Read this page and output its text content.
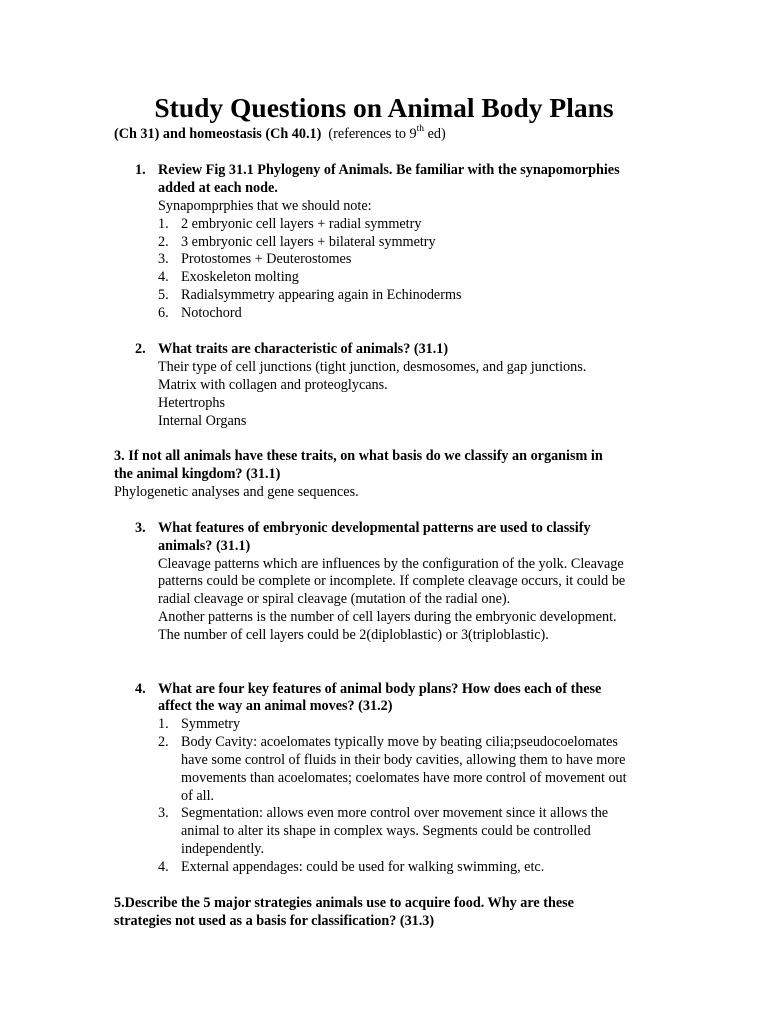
Study Questions on Animal Body Plans
(Ch 31) and homeostasis (Ch 40.1) (references to 9th ed)
1. Review Fig 31.1 Phylogeny of Animals. Be familiar with the synapomorphies
added at each node.
Synapomprphies that we should note:
1. 2 embryonic cell layers + radial symmetry
2. 3 embryonic cell layers + bilateral symmetry
3. Protostomes + Deuterostomes
4. Exoskeleton molting
5. Radialsymmetry appearing again in Echinoderms
6. Notochord
2. What traits are characteristic of animals? (31.1)
Their type of cell junctions (tight junction, desmosomes, and gap junctions.
Matrix with collagen and proteoglycans.
Hetertrophs
Internal Organs
3. If not all animals have these traits, on what basis do we classify an organism in
the animal kingdom? (31.1)
Phylogenetic analyses and gene sequences.
3. What features of embryonic developmental patterns are used to classify
animals? (31.1)
Cleavage patterns which are influences by the configuration of the yolk. Cleavage
patterns could be complete or incomplete. If complete cleavage occurs, it could be
radial cleavage or spiral cleavage (mutation of the radial one).
Another patterns is the number of cell layers during the embryonic development.
The number of cell layers could be 2(diploblastic) or 3(triploblastic).
4. What are four key features of animal body plans? How does each of these
affect the way an animal moves? (31.2)
1. Symmetry
2. Body Cavity: acoelomates typically move by beating cilia;pseudocoelomates
have some control of fluids in their body cavities, allowing them to have more
movements than acoelomates; coelomates have more control of movement out
of all.
3. Segmentation: allows even more control over movement since it allows the
animal to alter its shape in complex ways. Segments could be controlled
independently.
4. External appendages: could be used for walking swimming, etc.
5.Describe the 5 major strategies animals use to acquire food. Why are these
strategies not used as a basis for classification? (31.3)
